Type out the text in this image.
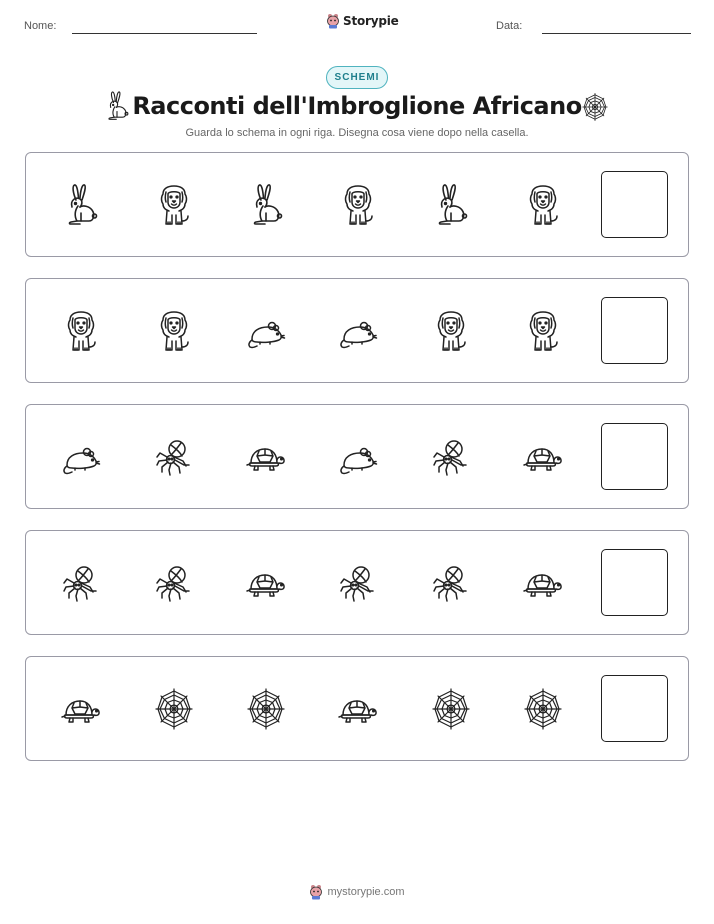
Nome:	Storypie	Data:
SCHEMI
Racconti dell'Imbroglione Africano
Guarda lo schema in ogni riga. Disegna cosa viene dopo nella casella.
mystorypie.com
